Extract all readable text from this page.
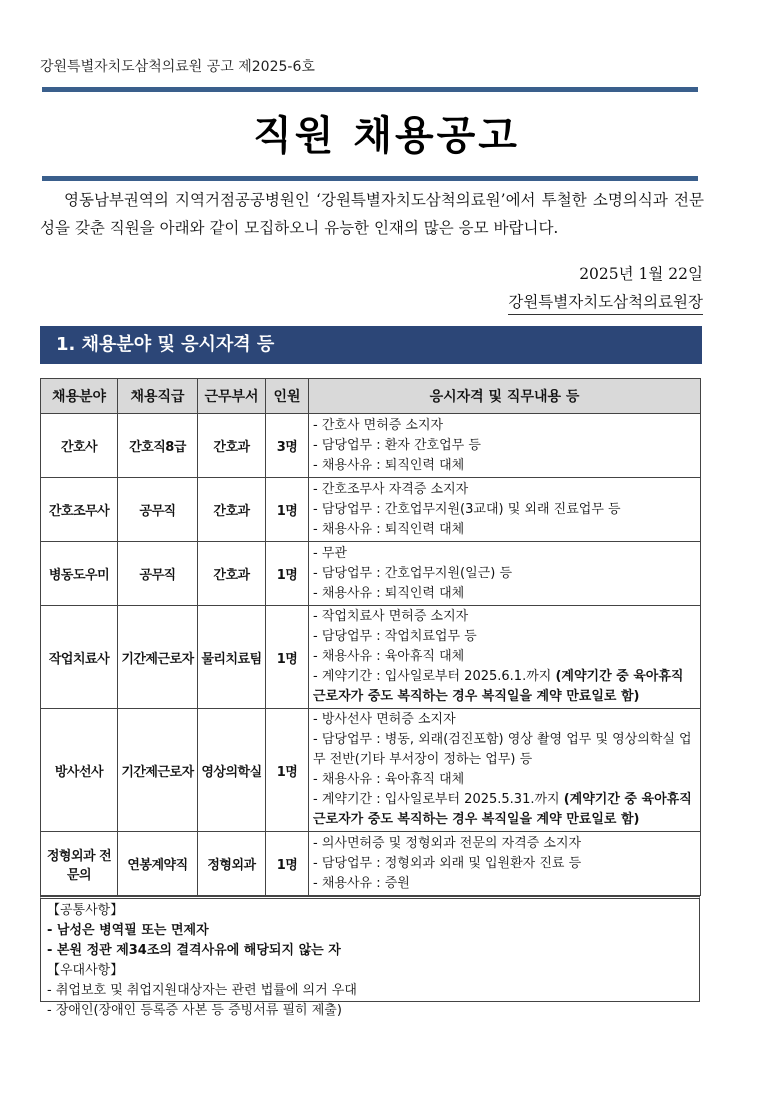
강원특별자치도삼척의료원 공고 제2025-6호
직원 채용공고
영동남부권역의 지역거점공공병원인 ‘강원특별자치도삼척의료원’에서 투철한 소명의식과 전문성을 갖춘 직원을 아래와 같이 모집하오니 유능한 인재의 많은 응모 바랍니다.
2025년 1월 22일
강원특별자치도삼척의료원장
1. 채용분야 및 응시자격 등
채용분야	채용직급	근무부서	인원	응시자격 및 직무내용 등
간호사	간호직8급	간호과	3명	- 간호사 면허증 소지자
- 담당업무 : 환자 간호업무 등
- 채용사유 : 퇴직인력 대체

간호조무사	공무직	간호과	1명	- 간호조무사 자격증 소지자
- 담당업무 : 간호업무지원(3교대) 및 외래 진료업무 등
- 채용사유 : 퇴직인력 대체

병동도우미	공무직	간호과	1명	- 무관
- 담당업무 : 간호업무지원(일근) 등
- 채용사유 : 퇴직인력 대체

작업치료사	기간제근로자	물리치료팀	1명	- 작업치료사 면허증 소지자
- 담당업무 : 작업치료업무 등
- 채용사유 : 육아휴직 대체
- 계약기간 : 입사일로부터 2025.6.1.까지 (계약기간 중 육아휴직 근로자가 중도 복직하는 경우 복직일을 계약 만료일로 함)

방사선사	기간제근로자	영상의학실	1명	- 방사선사 면허증 소지자
- 담당업무 : 병동, 외래(검진포함) 영상 촬영 업무 및 영상의학실 업무 전반(기타 부서장이 정하는 업무) 등
- 채용사유 : 육아휴직 대체
- 계약기간 : 입사일로부터 2025.5.31.까지 (계약기간 중 육아휴직 근로자가 중도 복직하는 경우 복직일을 계약 만료일로 함)

정형외과 전문의	연봉계약직	정형외과	1명	- 의사면허증 및 정형외과 전문의 자격증 소지자
- 담당업무 : 정형외과 외래 및 입원환자 진료 등
- 채용사유 : 증원
【공통사항】
- 남성은 병역필 또는 면제자
- 본원 정관 제34조의 결격사유에 해당되지 않는 자
【우대사항】
- 취업보호 및 취업지원대상자는 관련 법률에 의거 우대
- 장애인(장애인 등록증 사본 등 증빙서류 필히 제출)
